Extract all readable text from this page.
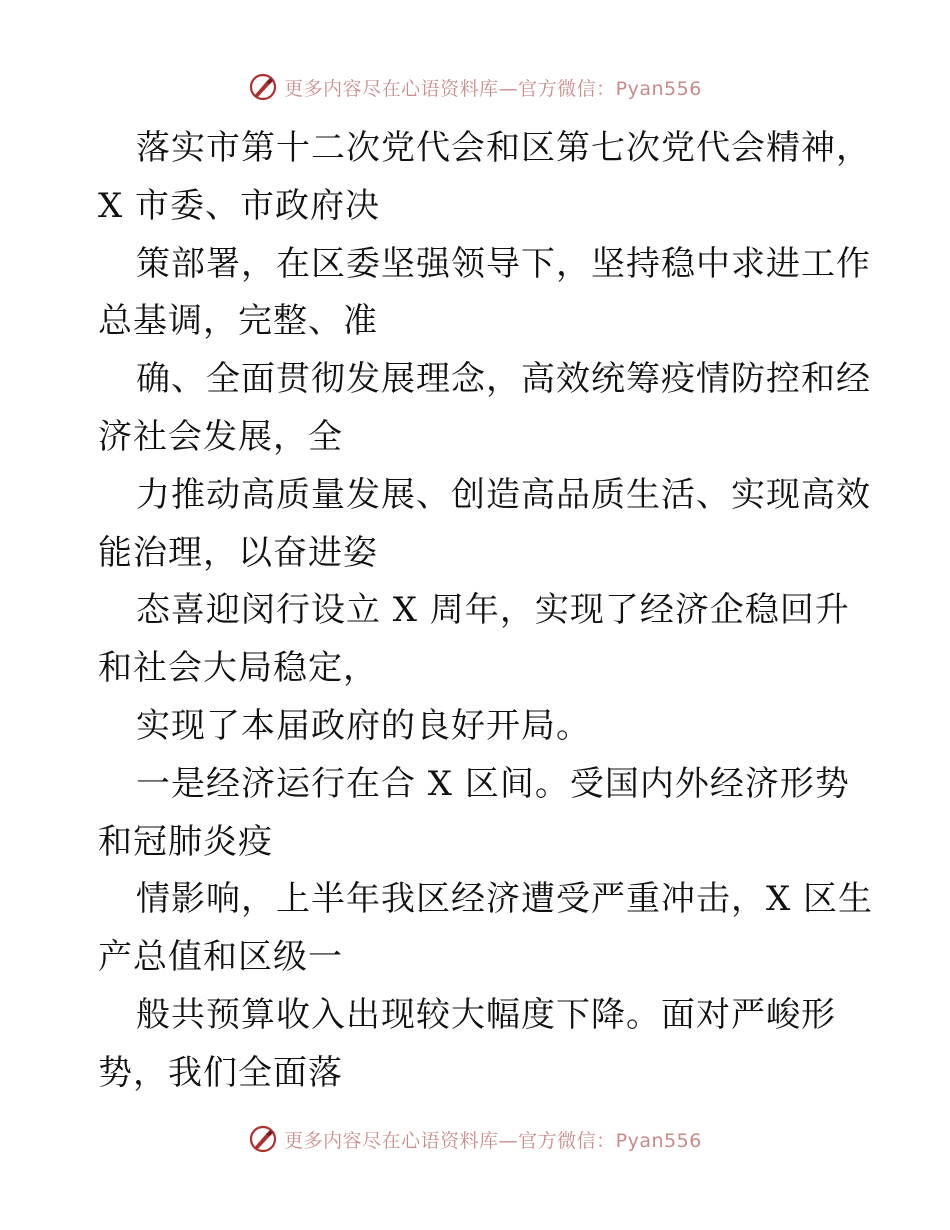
更多内容尽在心语资料库—官方微信：Pyan556
落实市第十二次党代会和区第七次党代会精神，
X 市委、市政府决
策部署，在区委坚强领导下，坚持稳中求进工作
总基调，完整、准
确、全面贯彻发展理念，高效统筹疫情防控和经
济社会发展，全
力推动高质量发展、创造高品质生活、实现高效
能治理，以奋进姿
态喜迎闵行设立 X 周年，实现了经济企稳回升
和社会大局稳定，
实现了本届政府的良好开局。
一是经济运行在合 X 区间。受国内外经济形势
和冠肺炎疫
情影响，上半年我区经济遭受严重冲击，X 区生
产总值和区级一
般共预算收入出现较大幅度下降。面对严峻形
势，我们全面落
更多内容尽在心语资料库—官方微信：Pyan556
